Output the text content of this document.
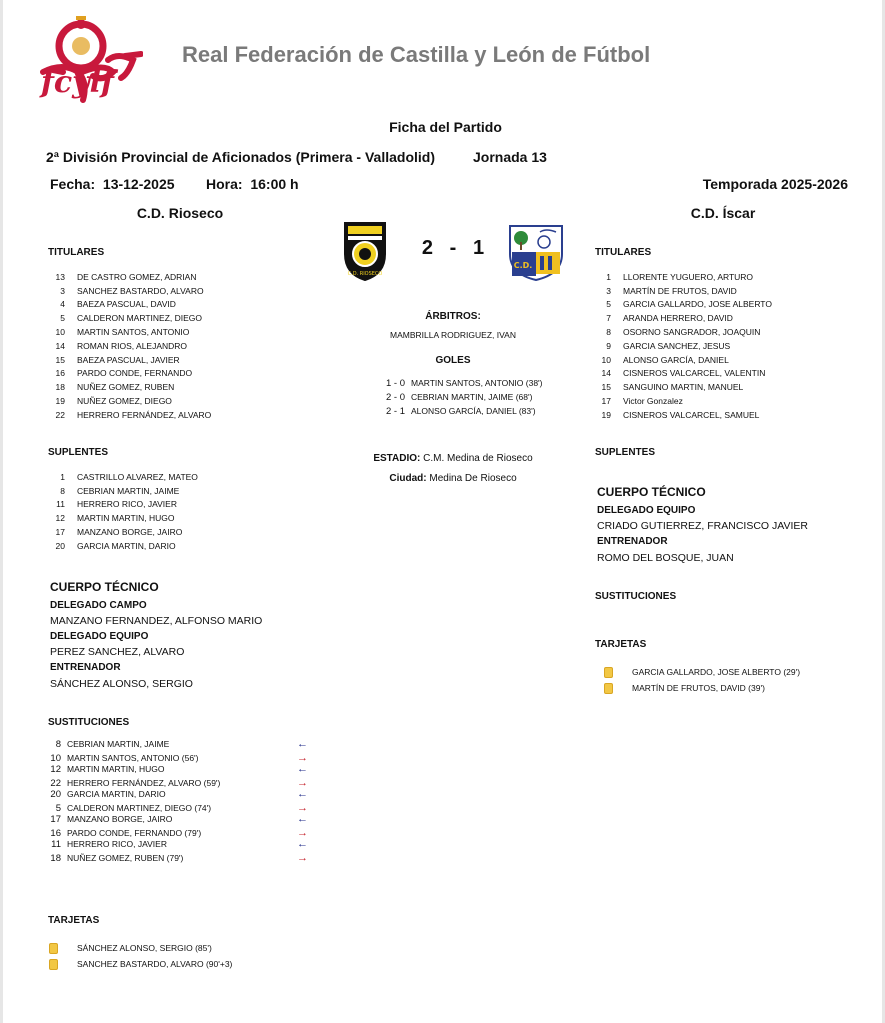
fcylf
Real Federación de Castilla y León de Fútbol
Ficha del Partido
2ª División Provincial de Aficionados (Primera - Valladolid)	Jornada 13
Fecha: 13-12-2025 Hora: 16:00 h	Temporada 2025-2026
C.D. Rioseco	C.D. Íscar
C.D. RIOSECO
2 - 1
C.D.
TITULARES
13	DE CASTRO GOMEZ, ADRIAN
3	SANCHEZ BASTARDO, ALVARO
4	BAEZA PASCUAL, DAVID
5	CALDERON MARTINEZ, DIEGO
10	MARTIN SANTOS, ANTONIO
14	ROMAN RIOS, ALEJANDRO
15	BAEZA PASCUAL, JAVIER
16	PARDO CONDE, FERNANDO
18	NUÑEZ GOMEZ, RUBEN
19	NUÑEZ GOMEZ, DIEGO
22	HERRERO FERNÁNDEZ, ALVARO
SUPLENTES
1	CASTRILLO ALVAREZ, MATEO
8	CEBRIAN MARTIN, JAIME
11	HERRERO RICO, JAVIER
12	MARTIN MARTIN, HUGO
17	MANZANO BORGE, JAIRO
20	GARCIA MARTIN, DARIO
CUERPO TÉCNICO
DELEGADO CAMPO
MANZANO FERNANDEZ, ALFONSO MARIO
DELEGADO EQUIPO
PEREZ SANCHEZ, ALVARO
ENTRENADOR
SÁNCHEZ ALONSO, SERGIO
SUSTITUCIONES
8 CEBRIAN MARTIN, JAIME	←
10 MARTIN SANTOS, ANTONIO (56')	→
12 MARTIN MARTIN, HUGO	←
22 HERRERO FERNÁNDEZ, ALVARO (59')	→
20 GARCIA MARTIN, DARIO	←
5 CALDERON MARTINEZ, DIEGO (74')	→
17 MANZANO BORGE, JAIRO	←
16 PARDO CONDE, FERNANDO (79')	→
11 HERRERO RICO, JAVIER	←
18 NUÑEZ GOMEZ, RUBEN (79')	→
TARJETAS
SÁNCHEZ ALONSO, SERGIO (85')
SANCHEZ BASTARDO, ALVARO (90'+3)
ÁRBITROS:
MAMBRILLA RODRIGUEZ, IVAN
GOLES
1 - 0 MARTIN SANTOS, ANTONIO (38')
2 - 0 CEBRIAN MARTIN, JAIME (68')
2 - 1 ALONSO GARCÍA, DANIEL (83')
ESTADIO: C.M. Medina de Rioseco
Ciudad: Medina De Rioseco
TITULARES
1	LLORENTE YUGUERO, ARTURO
3	MARTÍN DE FRUTOS, DAVID
5	GARCIA GALLARDO, JOSE ALBERTO
7	ARANDA HERRERO, DAVID
8	OSORNO SANGRADOR, JOAQUIN
9	GARCIA SANCHEZ, JESUS
10	ALONSO GARCÍA, DANIEL
14	CISNEROS VALCARCEL, VALENTIN
15	SANGUINO MARTIN, MANUEL
17	Victor Gonzalez
19	CISNEROS VALCARCEL, SAMUEL
SUPLENTES
CUERPO TÉCNICO
DELEGADO EQUIPO
CRIADO GUTIERREZ, FRANCISCO JAVIER
ENTRENADOR
ROMO DEL BOSQUE, JUAN
SUSTITUCIONES
TARJETAS
GARCIA GALLARDO, JOSE ALBERTO (29')
MARTÍN DE FRUTOS, DAVID (39')
